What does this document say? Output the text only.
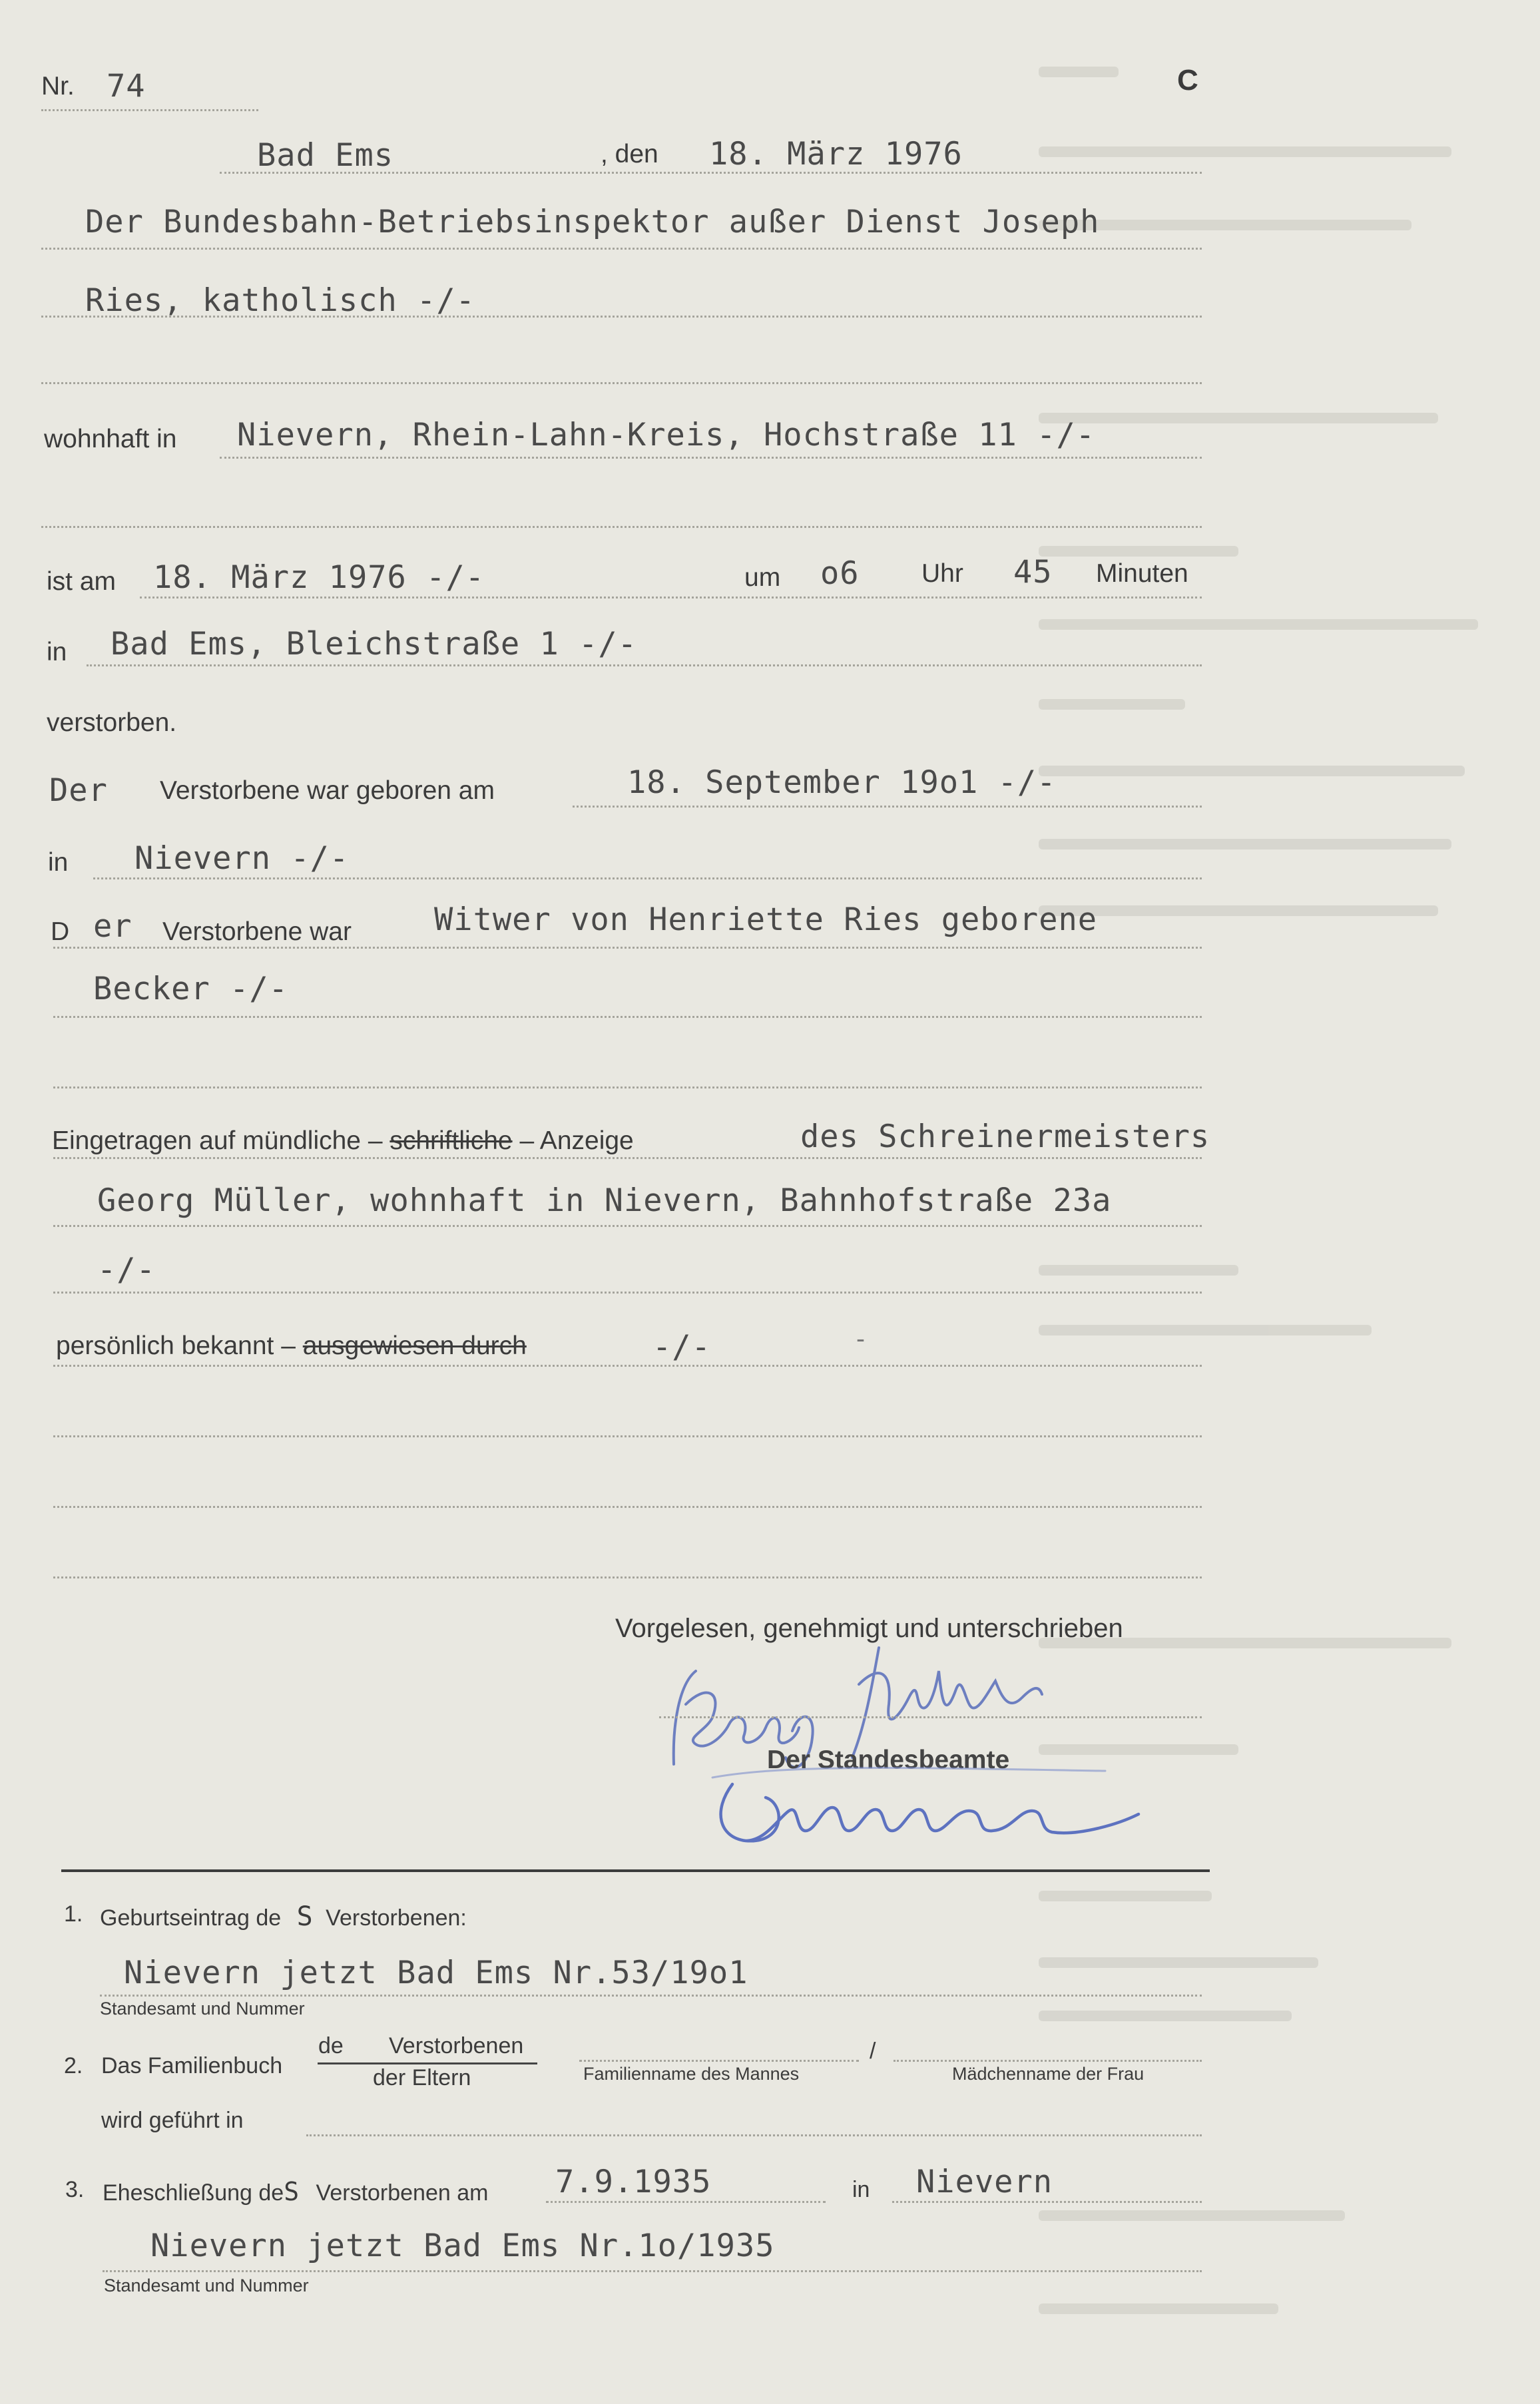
Nr. 74	C
Bad Ems	, den 18. März 1976
Der Bundesbahn-Betriebsinspektor außer Dienst Joseph
Ries, katholisch -/-
wohnhaft in Nievern, Rhein-Lahn-Kreis, Hochstraße 11 -/-
ist am 18. März 1976 -/-	um o6 Uhr 45 Minuten
in Bad Ems, Bleichstraße 1 -/-
verstorben.
Der Verstorbene war geboren am	18. September 19o1 -/-
in Nievern -/-
D er Verstorbene war	Witwer von Henriette Ries geborene
Becker -/-
Eingetragen auf mündliche – schriftliche – Anzeige	des Schreinermeisters
Georg Müller, wohnhaft in Nievern, Bahnhofstraße 23a
-/-
persönlich bekannt – ausgewiesen durch	-/-	-
Vorgelesen, genehmigt und unterschrieben
Der Standesbeamte
1. Geburtseintrag de S Verstorbenen:
Nievern jetzt Bad Ems Nr.53/19o1
Standesamt und Nummer
2. Das Familienbuch
de Verstorbenen
der Eltern
/
Familienname des Mannes	Mädchenname der Frau
wird geführt in
3. Eheschließung deS Verstorbenen am 7.9.1935	in Nievern
Nievern jetzt Bad Ems Nr.1o/1935
Standesamt und Nummer
